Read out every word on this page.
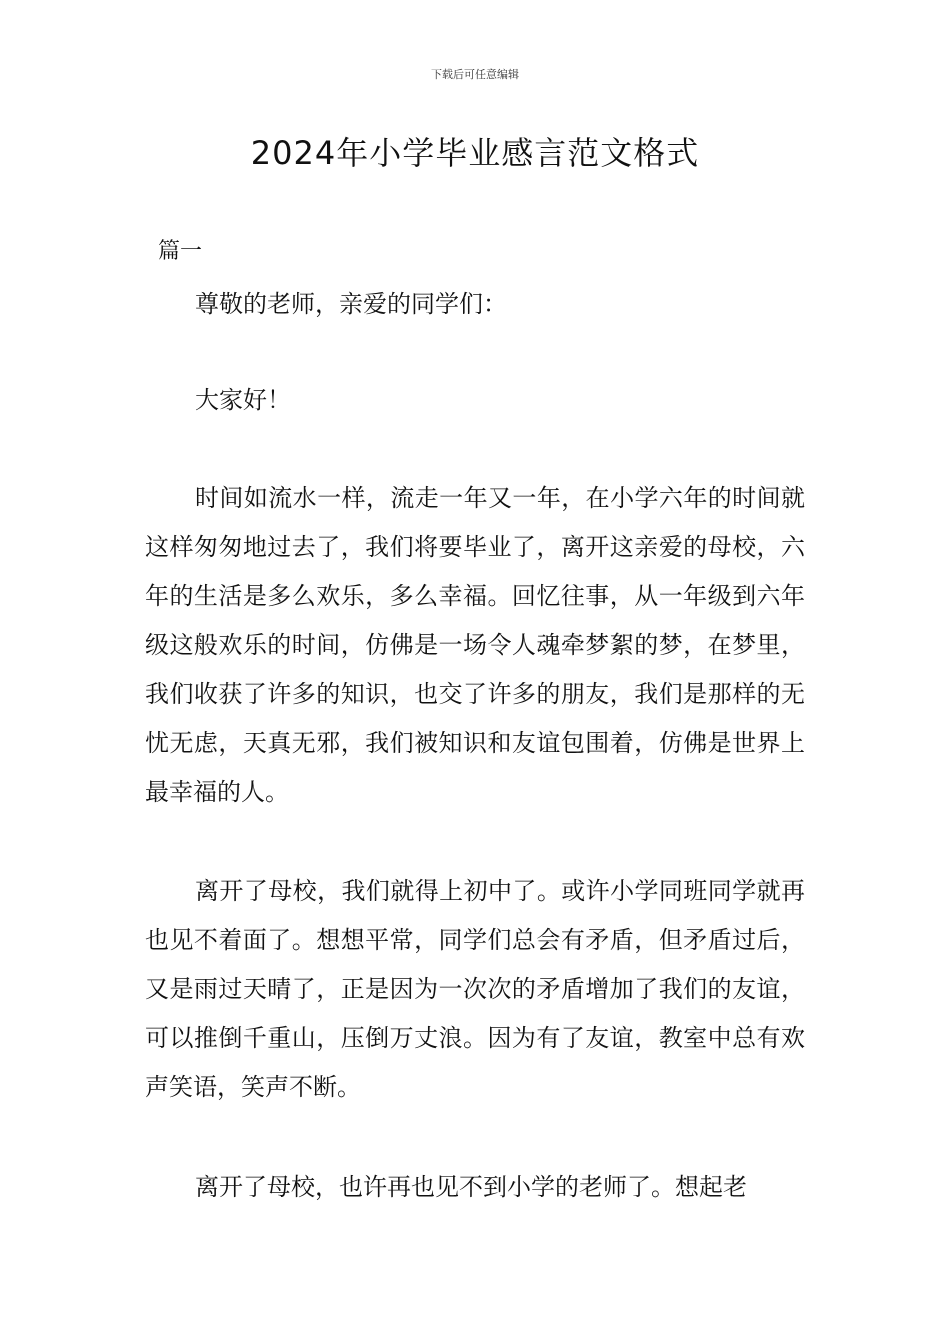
下载后可任意编辑
2024年小学毕业感言范文格式
篇一

尊敬的老师，亲爱的同学们：

大家好！

时间如流水一样，流走一年又一年，在小学六年的时间就这样匆匆地过去了，我们将要毕业了，离开这亲爱的母校，六年的生活是多么欢乐，多么幸福。回忆往事，从一年级到六年级这般欢乐的时间，仿佛是一场令人魂牵梦絮的梦，在梦里，我们收获了许多的知识，也交了许多的朋友，我们是那样的无忧无虑，天真无邪，我们被知识和友谊包围着，仿佛是世界上最幸福的人。

离开了母校，我们就得上初中了。或许小学同班同学就再也见不着面了。想想平常，同学们总会有矛盾，但矛盾过后，又是雨过天晴了，正是因为一次次的矛盾增加了我们的友谊，可以推倒千重山，压倒万丈浪。因为有了友谊，教室中总有欢声笑语，笑声不断。

离开了母校，也许再也见不到小学的老师了。想起老
